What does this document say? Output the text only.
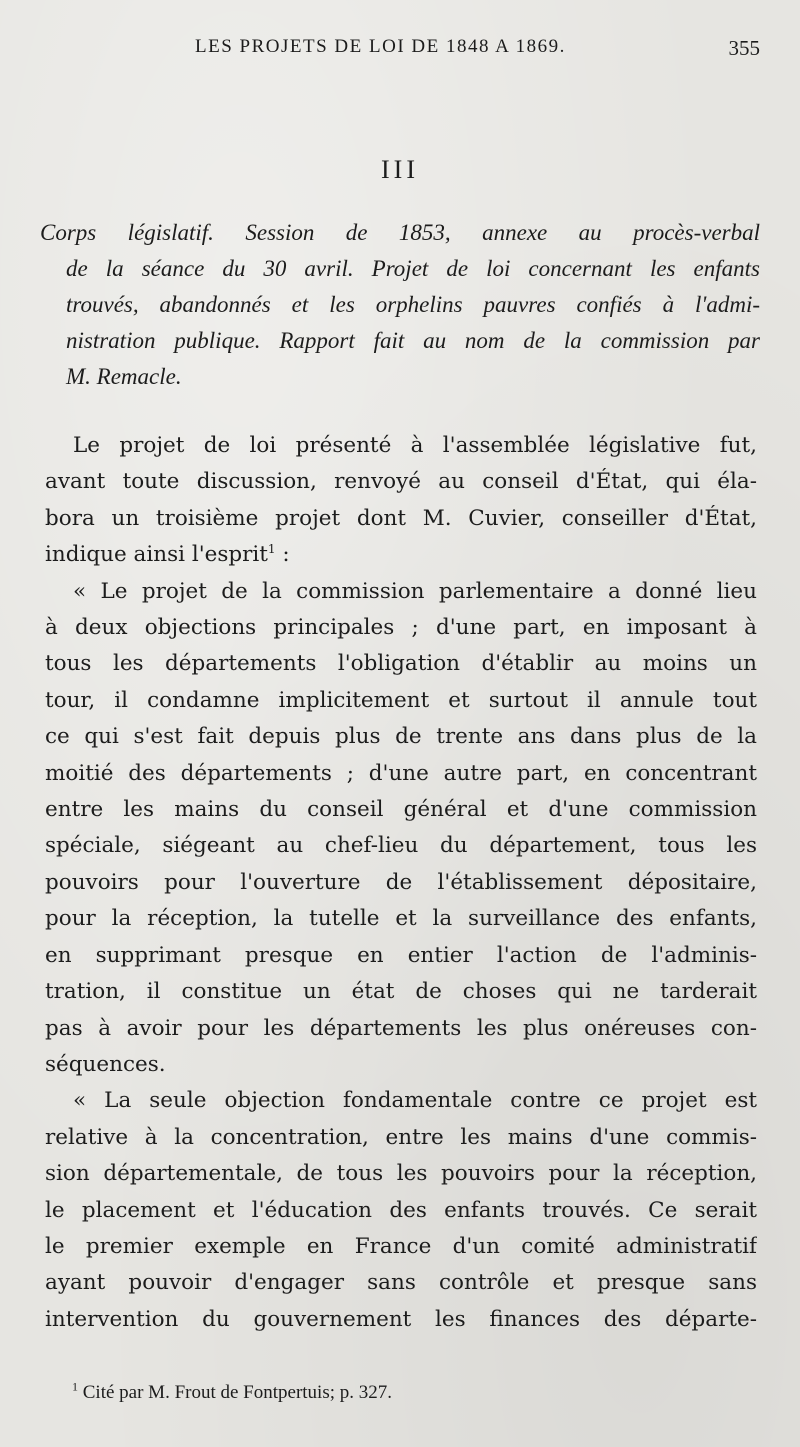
LES PROJETS DE LOI DE 1848 A 1869.	355
III
Corps législatif. Session de 1853, annexe au procès-verbal
de la séance du 30 avril. Projet de loi concernant les enfants
trouvés, abandonnés et les orphelins pauvres confiés à l'admi-
nistration publique. Rapport fait au nom de la commission par
M. Remacle.
Le projet de loi présenté à l'assemblée législative fut,
avant toute discussion, renvoyé au conseil d'État, qui éla-
bora un troisième projet dont M. Cuvier, conseiller d'État,
indique ainsi l'esprit$^1$ :
« Le projet de la commission parlementaire a donné lieu
à deux objections principales ; d'une part, en imposant à
tous les départements l'obligation d'établir au moins un
tour, il condamne implicitement et surtout il annule tout
ce qui s'est fait depuis plus de trente ans dans plus de la
moitié des départements ; d'une autre part, en concentrant
entre les mains du conseil général et d'une commission
spéciale, siégeant au chef-lieu du département, tous les
pouvoirs pour l'ouverture de l'établissement dépositaire,
pour la réception, la tutelle et la surveillance des enfants,
en supprimant presque en entier l'action de l'adminis-
tration, il constitue un état de choses qui ne tarderait
pas à avoir pour les départements les plus onéreuses con-
séquences.
« La seule objection fondamentale contre ce projet est
relative à la concentration, entre les mains d'une commis-
sion départementale, de tous les pouvoirs pour la réception,
le placement et l'éducation des enfants trouvés. Ce serait
le premier exemple en France d'un comité administratif
ayant pouvoir d'engager sans contrôle et presque sans
intervention du gouvernement les finances des départe-
$^1$ Cité par M. Frout de Fontpertuis; p. 327.
